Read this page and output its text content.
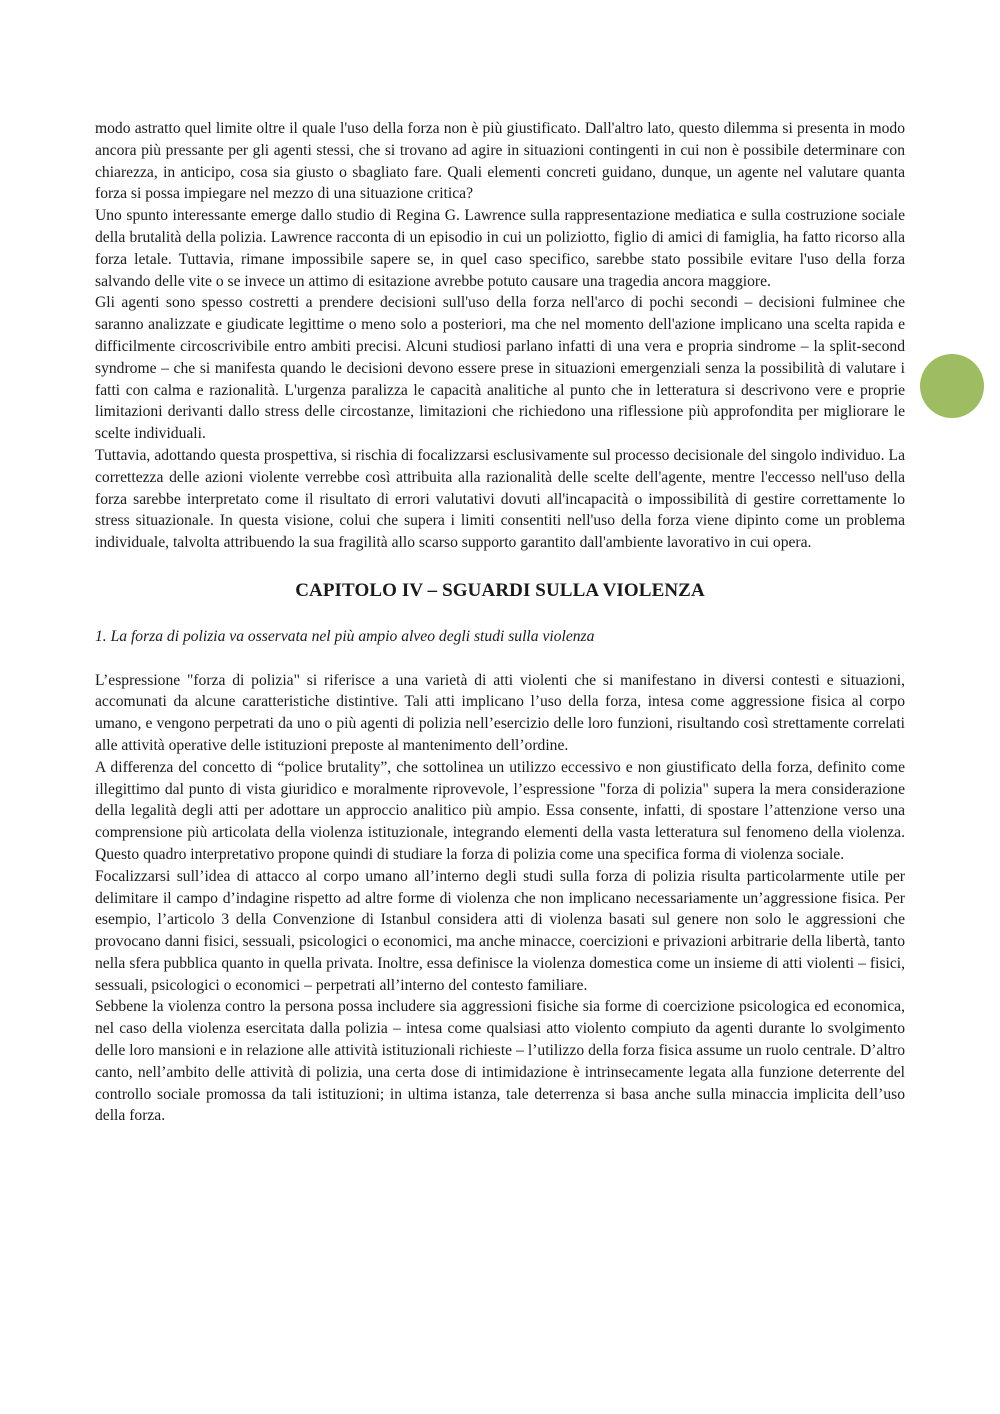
modo astratto quel limite oltre il quale l'uso della forza non è più giustificato. Dall'altro lato, questo dilemma si presenta in modo ancora più pressante per gli agenti stessi, che si trovano ad agire in situazioni contingenti in cui non è possibile determinare con chiarezza, in anticipo, cosa sia giusto o sbagliato fare. Quali elementi concreti guidano, dunque, un agente nel valutare quanta forza si possa impiegare nel mezzo di una situazione critica?

Uno spunto interessante emerge dallo studio di Regina G. Lawrence sulla rappresentazione mediatica e sulla costruzione sociale della brutalità della polizia. Lawrence racconta di un episodio in cui un poliziotto, figlio di amici di famiglia, ha fatto ricorso alla forza letale. Tuttavia, rimane impossibile sapere se, in quel caso specifico, sarebbe stato possibile evitare l'uso della forza salvando delle vite o se invece un attimo di esitazione avrebbe potuto causare una tragedia ancora maggiore.

Gli agenti sono spesso costretti a prendere decisioni sull'uso della forza nell'arco di pochi secondi – decisioni fulminee che saranno analizzate e giudicate legittime o meno solo a posteriori, ma che nel momento dell'azione implicano una scelta rapida e difficilmente circoscrivibile entro ambiti precisi. Alcuni studiosi parlano infatti di una vera e propria sindrome – la split-second syndrome – che si manifesta quando le decisioni devono essere prese in situazioni emergenziali senza la possibilità di valutare i fatti con calma e razionalità. L'urgenza paralizza le capacità analitiche al punto che in letteratura si descrivono vere e proprie limitazioni derivanti dallo stress delle circostanze, limitazioni che richiedono una riflessione più approfondita per migliorare le scelte individuali.

Tuttavia, adottando questa prospettiva, si rischia di focalizzarsi esclusivamente sul processo decisionale del singolo individuo. La correttezza delle azioni violente verrebbe così attribuita alla razionalità delle scelte dell'agente, mentre l'eccesso nell'uso della forza sarebbe interpretato come il risultato di errori valutativi dovuti all'incapacità o impossibilità di gestire correttamente lo stress situazionale. In questa visione, colui che supera i limiti consentiti nell'uso della forza viene dipinto come un problema individuale, talvolta attribuendo la sua fragilità allo scarso supporto garantito dall'ambiente lavorativo in cui opera.

CAPITOLO IV – SGUARDI SULLA VIOLENZA

1. La forza di polizia va osservata nel più ampio alveo degli studi sulla violenza

L’espressione "forza di polizia" si riferisce a una varietà di atti violenti che si manifestano in diversi contesti e situazioni, accomunati da alcune caratteristiche distintive. Tali atti implicano l’uso della forza, intesa come aggressione fisica al corpo umano, e vengono perpetrati da uno o più agenti di polizia nell’esercizio delle loro funzioni, risultando così strettamente correlati alle attività operative delle istituzioni preposte al mantenimento dell’ordine.

A differenza del concetto di “police brutality”, che sottolinea un utilizzo eccessivo e non giustificato della forza, definito come illegittimo dal punto di vista giuridico e moralmente riprovevole, l’espressione "forza di polizia" supera la mera considerazione della legalità degli atti per adottare un approccio analitico più ampio. Essa consente, infatti, di spostare l’attenzione verso una comprensione più articolata della violenza istituzionale, integrando elementi della vasta letteratura sul fenomeno della violenza. Questo quadro interpretativo propone quindi di studiare la forza di polizia come una specifica forma di violenza sociale.

Focalizzarsi sull’idea di attacco al corpo umano all’interno degli studi sulla forza di polizia risulta particolarmente utile per delimitare il campo d’indagine rispetto ad altre forme di violenza che non implicano necessariamente un’aggressione fisica. Per esempio, l’articolo 3 della Convenzione di Istanbul considera atti di violenza basati sul genere non solo le aggressioni che provocano danni fisici, sessuali, psicologici o economici, ma anche minacce, coercizioni e privazioni arbitrarie della libertà, tanto nella sfera pubblica quanto in quella privata. Inoltre, essa definisce la violenza domestica come un insieme di atti violenti – fisici, sessuali, psicologici o economici – perpetrati all’interno del contesto familiare.

Sebbene la violenza contro la persona possa includere sia aggressioni fisiche sia forme di coercizione psicologica ed economica, nel caso della violenza esercitata dalla polizia – intesa come qualsiasi atto violento compiuto da agenti durante lo svolgimento delle loro mansioni e in relazione alle attività istituzionali richieste – l’utilizzo della forza fisica assume un ruolo centrale. D’altro canto, nell’ambito delle attività di polizia, una certa dose di intimidazione è intrinsecamente legata alla funzione deterrente del controllo sociale promossa da tali istituzioni; in ultima istanza, tale deterrenza si basa anche sulla minaccia implicita dell’uso della forza.
